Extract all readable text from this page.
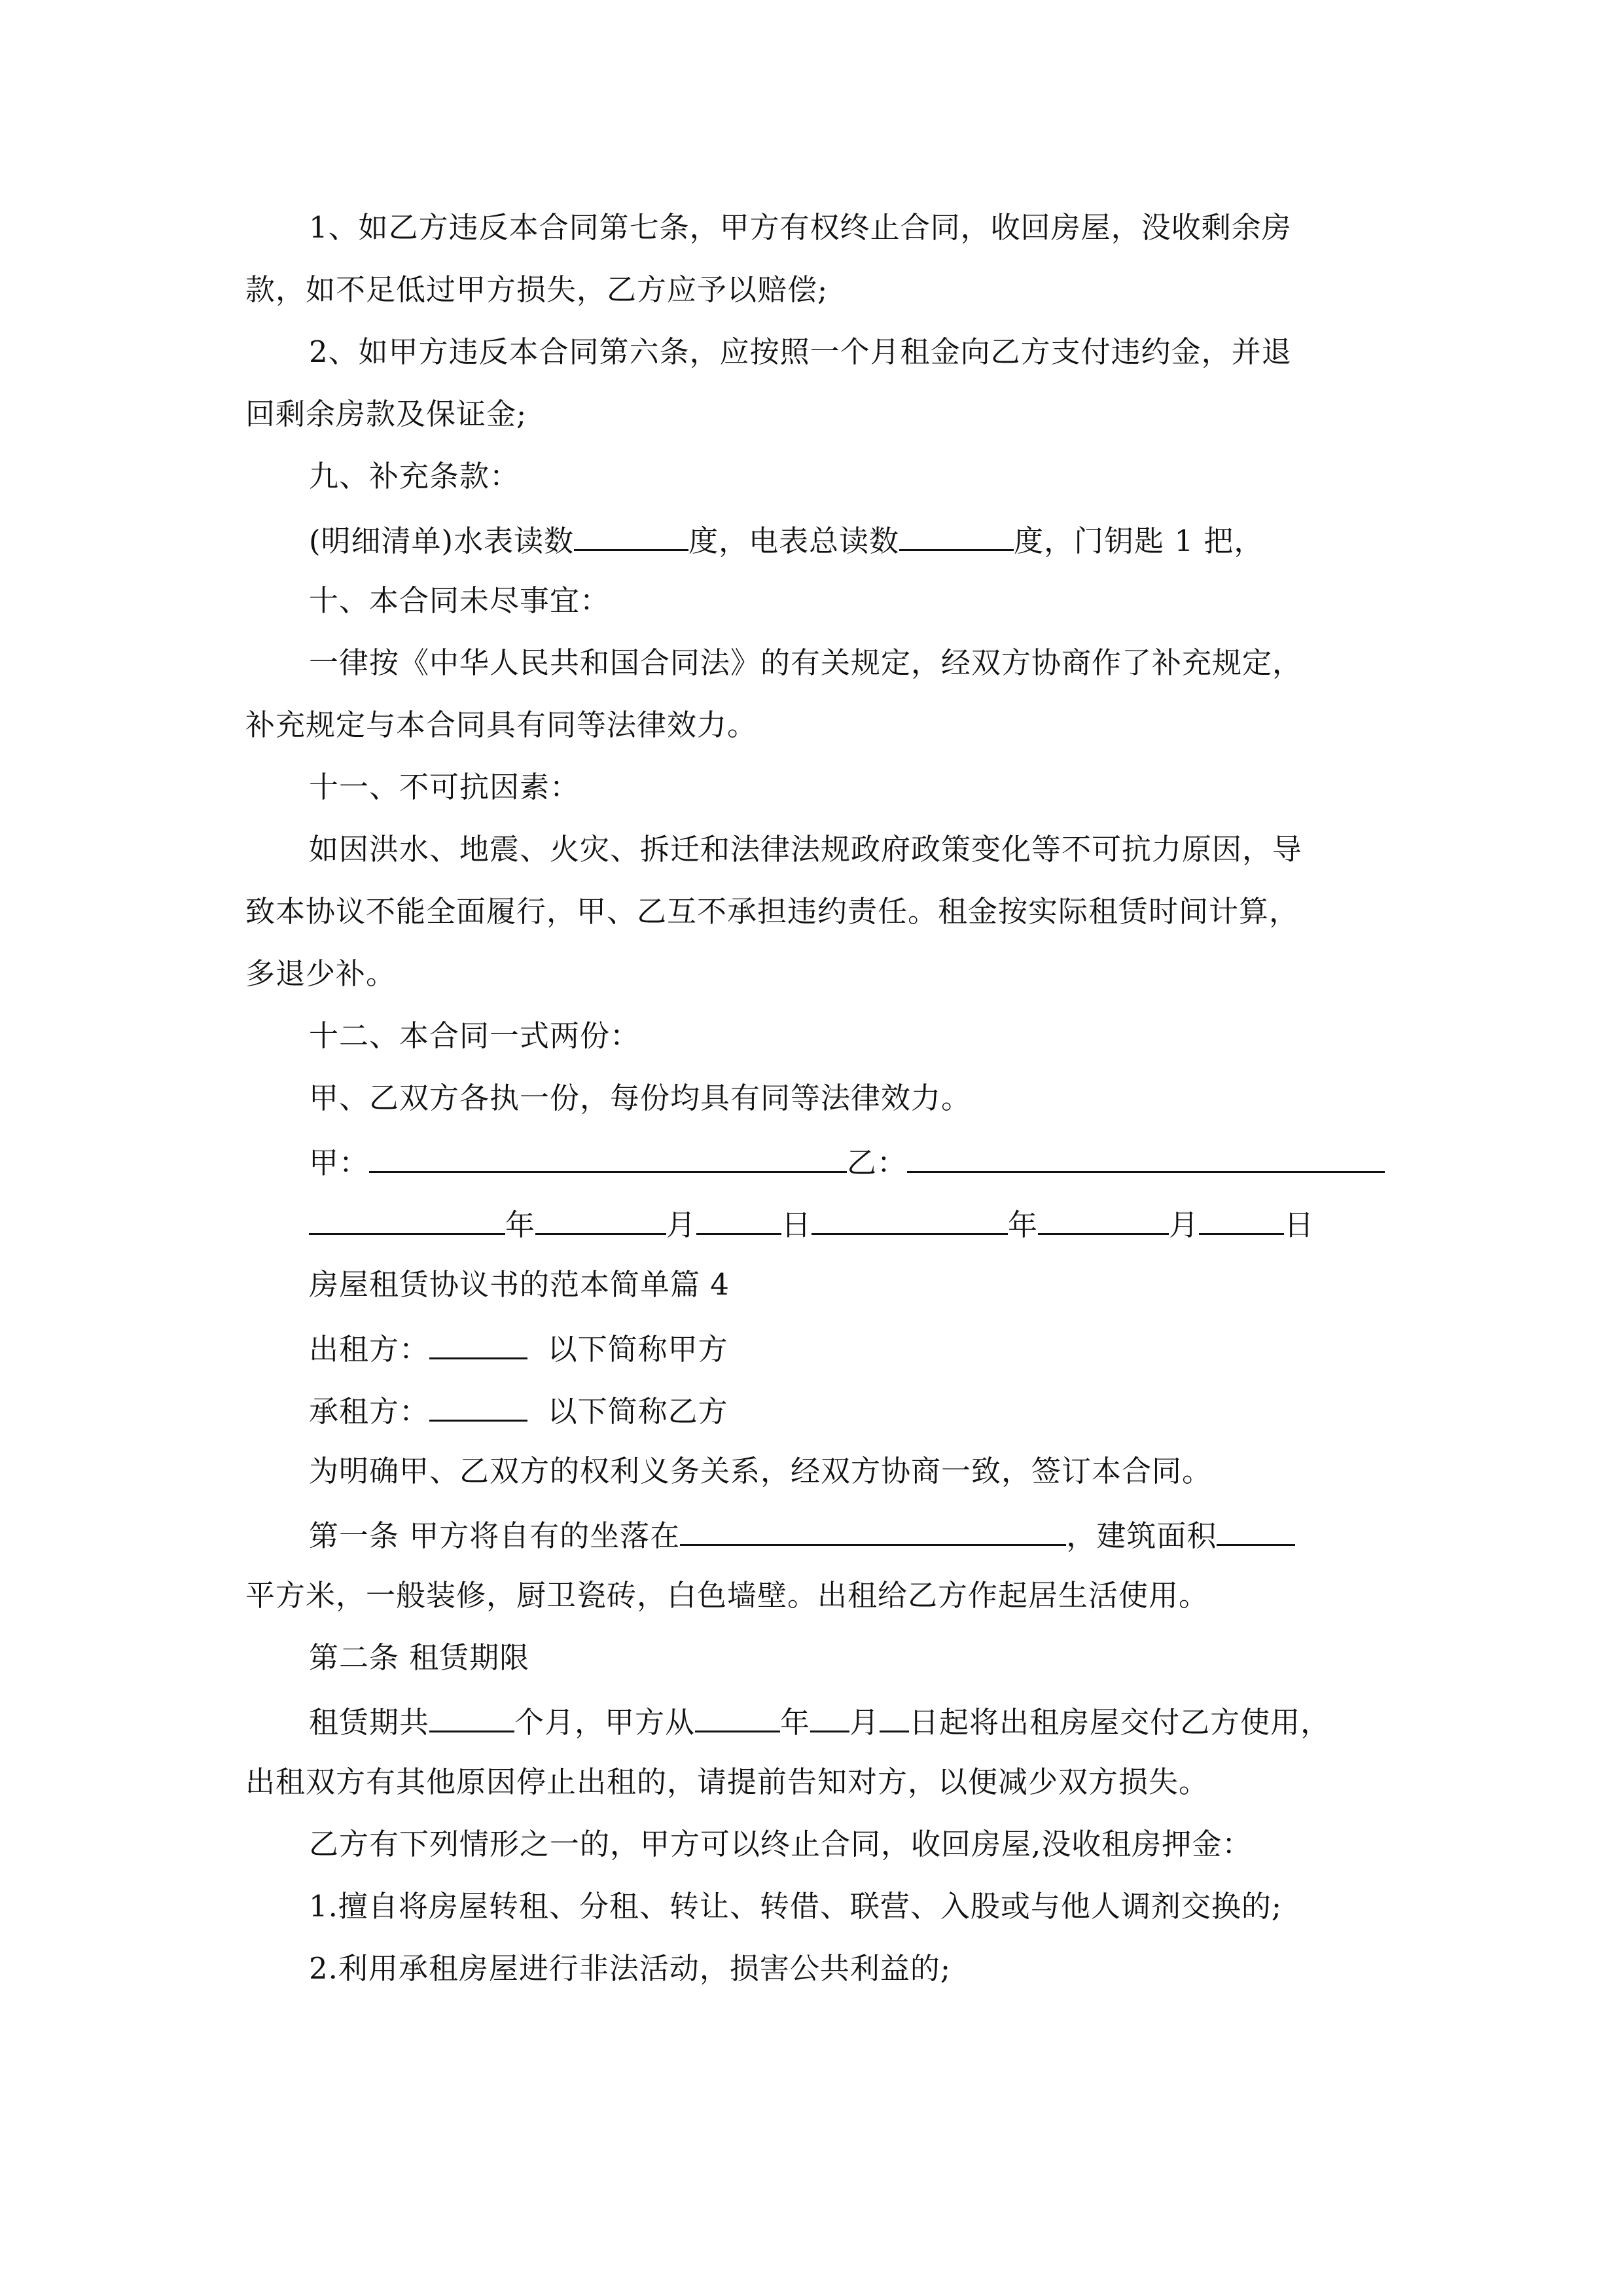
1、如乙方违反本合同第七条，甲方有权终止合同，收回房屋，没收剩余房
款，如不足低过甲方损失，乙方应予以赔偿;
2、如甲方违反本合同第六条，应按照一个月租金向乙方支付违约金，并退
回剩余房款及保证金;
九、补充条款：
(明细清单)水表读数	度，电表总读数	度，门钥匙 1 把，
十、本合同未尽事宜：
一律按《中华人民共和国合同法》的有关规定，经双方协商作了补充规定，
补充规定与本合同具有同等法律效力。
十一、不可抗因素：
如因洪水、地震、火灾、拆迁和法律法规政府政策变化等不可抗力原因，导
致本协议不能全面履行，甲、乙互不承担违约责任。租金按实际租赁时间计算，
多退少补。
十二、本合同一式两份：
甲、乙双方各执一份，每份均具有同等法律效力。
甲：	乙：
年	月	日	年	月	日
房屋租赁协议书的范本简单篇 4
出租方：	以下简称甲方
承租方：	以下简称乙方
为明确甲、乙双方的权利义务关系，经双方协商一致，签订本合同。
第一条 甲方将自有的坐落在	，建筑面积
平方米，一般装修，厨卫瓷砖，白色墙壁。出租给乙方作起居生活使用。
第二条 租赁期限
租赁期共	个月，甲方从	年 月 日起将出租房屋交付乙方使用，
出租双方有其他原因停止出租的，请提前告知对方，以便减少双方损失。
乙方有下列情形之一的，甲方可以终止合同，收回房屋,没收租房押金：
1.擅自将房屋转租、分租、转让、转借、联营、入股或与他人调剂交换的;
2.利用承租房屋进行非法活动，损害公共利益的;
